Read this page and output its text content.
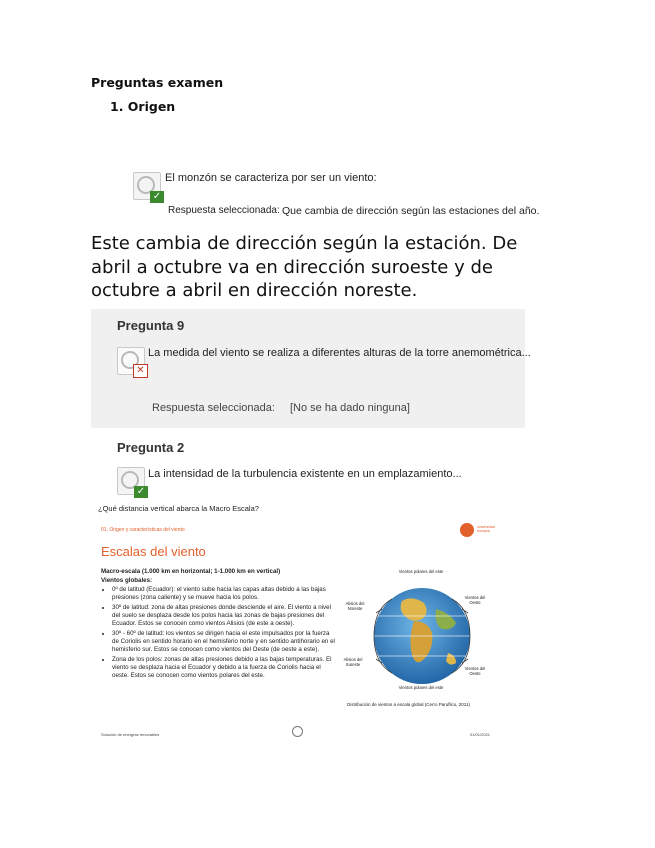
Preguntas examen
1. Origen
✓
El monzón se caracteriza por ser un viento:
Respuesta seleccionada: Que cambia de dirección según las estaciones del año.
Este cambia de dirección según la estación. De abril a octubre va en dirección suroeste y de octubre a abril en dirección noreste.
Pregunta 9
✕
La medida del viento se realiza a diferentes alturas de la torre anemométrica...
Respuesta seleccionada: [No se ha dado ninguna]
Pregunta 2
✓
La intensidad de la turbulencia existente en un emplazamiento...
¿Qué distancia vertical abarca la Macro Escala?
01. Origen y características del viento	universidad europea
Escalas del viento

Macro-escala (1.000 km en horizontal; 1-1.000 km en vertical)

Vientos globales:

• 0º de latitud (Ecuador): el viento sube hacia las capas altas debido a las bajas presiones (zona caliente) y se mueve hacia los polos.
• 30º de latitud: zona de altas presiones donde desciende el aire. El viento a nivel del suelo se desplaza desde los polos hacia las zonas de bajas presiones del Ecuador. Estos se conocen como vientos Alisios (de este a oeste).
• 30º - 60º de latitud: los vientos se dirigen hacia el este impulsados por la fuerza de Coriolis en sentido horario en el hemisferio norte y en sentido antihorario en el hemisferio sur. Estos se conocen como vientos del Oeste (de oeste a este).
• Zona de los polos: zonas de altas presiones debido a las bajas temperaturas. El viento se desplaza hacia el Ecuador y debido a la fuerza de Coriolis hacia el oeste. Estos se conocen como vientos polares del este.
Vientos polares del este
Alisios del Noreste
Vientos del Oeste
Alisios del Sureste
Vientos del Oeste
Vientos polares del este
Distribución de vientos a escala global (Cerro Paruflico, 2011)
Solución de energías renovables	01/01/2021
